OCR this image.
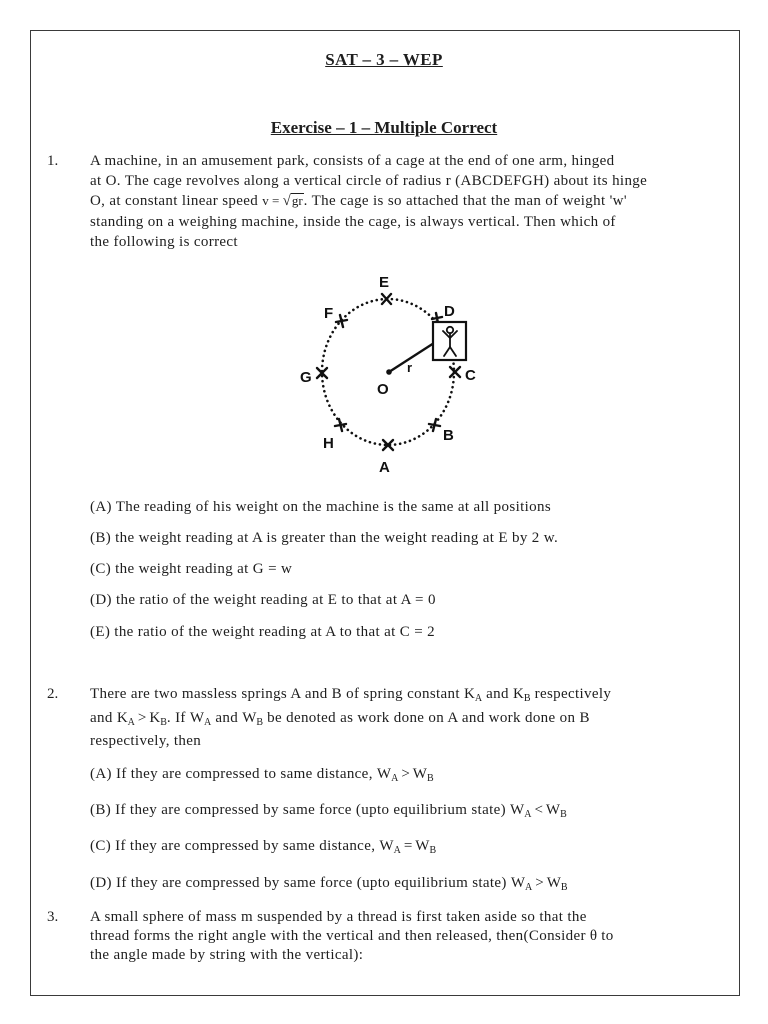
SAT – 3 – WEP
Exercise – 1 – Multiple Correct
1. A machine, in an amusement park, consists of a cage at the end of one arm, hinged
at O. The cage revolves along a vertical circle of radius r (ABCDEFGH) about its hinge
O, at constant linear speed v = √gr. The cage is so attached that the man of weight 'w'
standing on a weighing machine, inside the cage, is always vertical. Then which of
the following is correct
E
D
F
G	C
H	B
A
O
r
(A) The reading of his weight on the machine is the same at all positions
(B) the weight reading at A is greater than the weight reading at E by 2 w.
(C) the weight reading at G = w
(D) the ratio of the weight reading at E to that at A = 0
(E) the ratio of the weight reading at A to that at C = 2
2. There are two massless springs A and B of spring constant $K_A$ and $K_B$ respectively
and $K_A > K_B$. If $W_A$ and $W_B$ be denoted as work done on A and work done on B
respectively, then
(A) If they are compressed to same distance, $W_A > W_B$
(B) If they are compressed by same force (upto equilibrium state) $W_A < W_B$
(C) If they are compressed by same distance, $W_A = W_B$
(D) If they are compressed by same force (upto equilibrium state) $W_A > W_B$
3. A small sphere of mass m suspended by a thread is first taken aside so that the
thread forms the right angle with the vertical and then released, then(Consider θ to
the angle made by string with the vertical):
